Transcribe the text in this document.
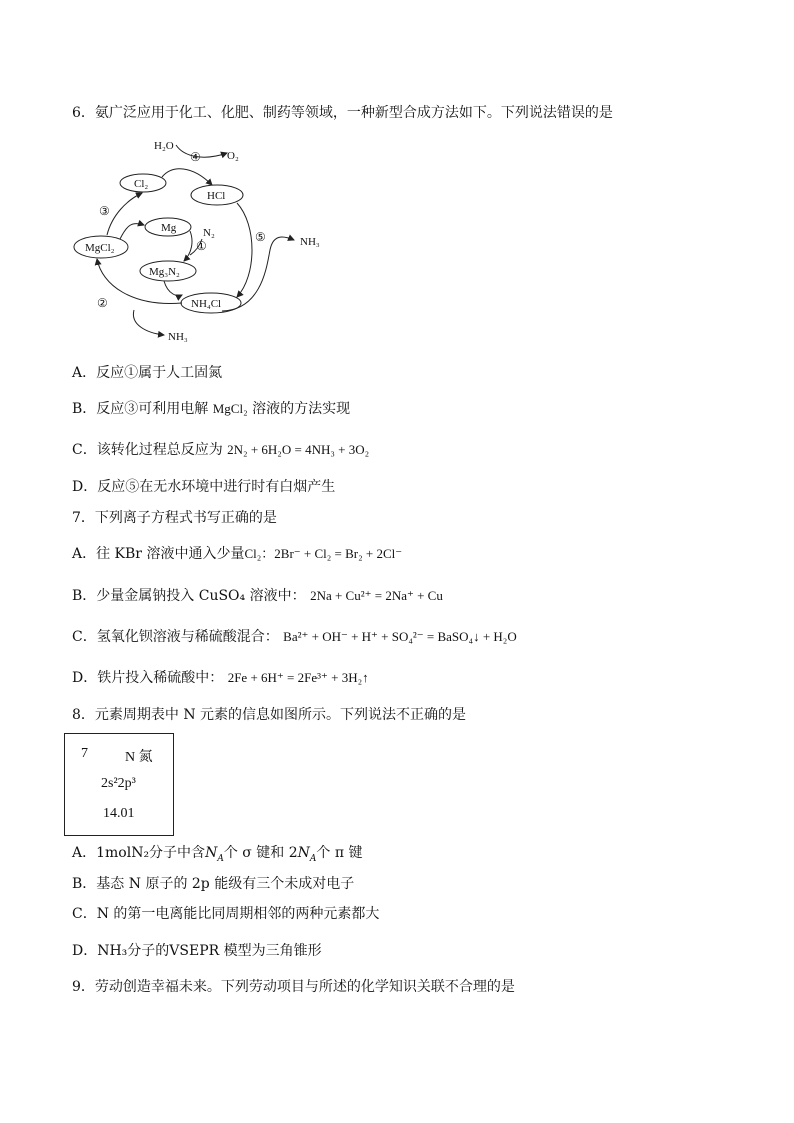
6．氨广泛应用于化工、化肥、制药等领域，一种新型合成方法如下。下列说法错误的是
Cl₂
HCl
Mg
MgCl₂
Mg₃N₂
NH₄Cl
H₂O
O₂
N₂
NH₃
NH₃
④
③
①
⑤
②
A．反应①属于人工固氮
B．反应③可利用电解 MgCl₂ 溶液的方法实现
C．该转化过程总反应为 2N₂ + 6H₂O = 4NH₃ + 3O₂
D．反应⑤在无水环境中进行时有白烟产生
7．下列离子方程式书写正确的是
A．往 KBr 溶液中通入少量Cl₂：2Br⁻ + Cl₂ = Br₂ + 2Cl⁻
B．少量金属钠投入 CuSO₄ 溶液中： 2Na + Cu²⁺ = 2Na⁺ + Cu
C．氢氧化钡溶液与稀硫酸混合： Ba²⁺ + OH⁻ + H⁺ + SO₄²⁻ = BaSO₄↓ + H₂O
D．铁片投入稀硫酸中： 2Fe + 6H⁺ = 2Fe³⁺ + 3H₂↑
8．元素周期表中 N 元素的信息如图所示。下列说法不正确的是
7	N 氮
2s²2p³
14.01
A．1molN₂分子中含$N_A$个 σ 键和 $2N_A$个 π 键
B．基态 N 原子的 2p 能级有三个未成对电子
C．N 的第一电离能比同周期相邻的两种元素都大
D．NH₃分子的VSEPR 模型为三角锥形
9．劳动创造幸福未来。下列劳动项目与所述的化学知识关联不合理的是
